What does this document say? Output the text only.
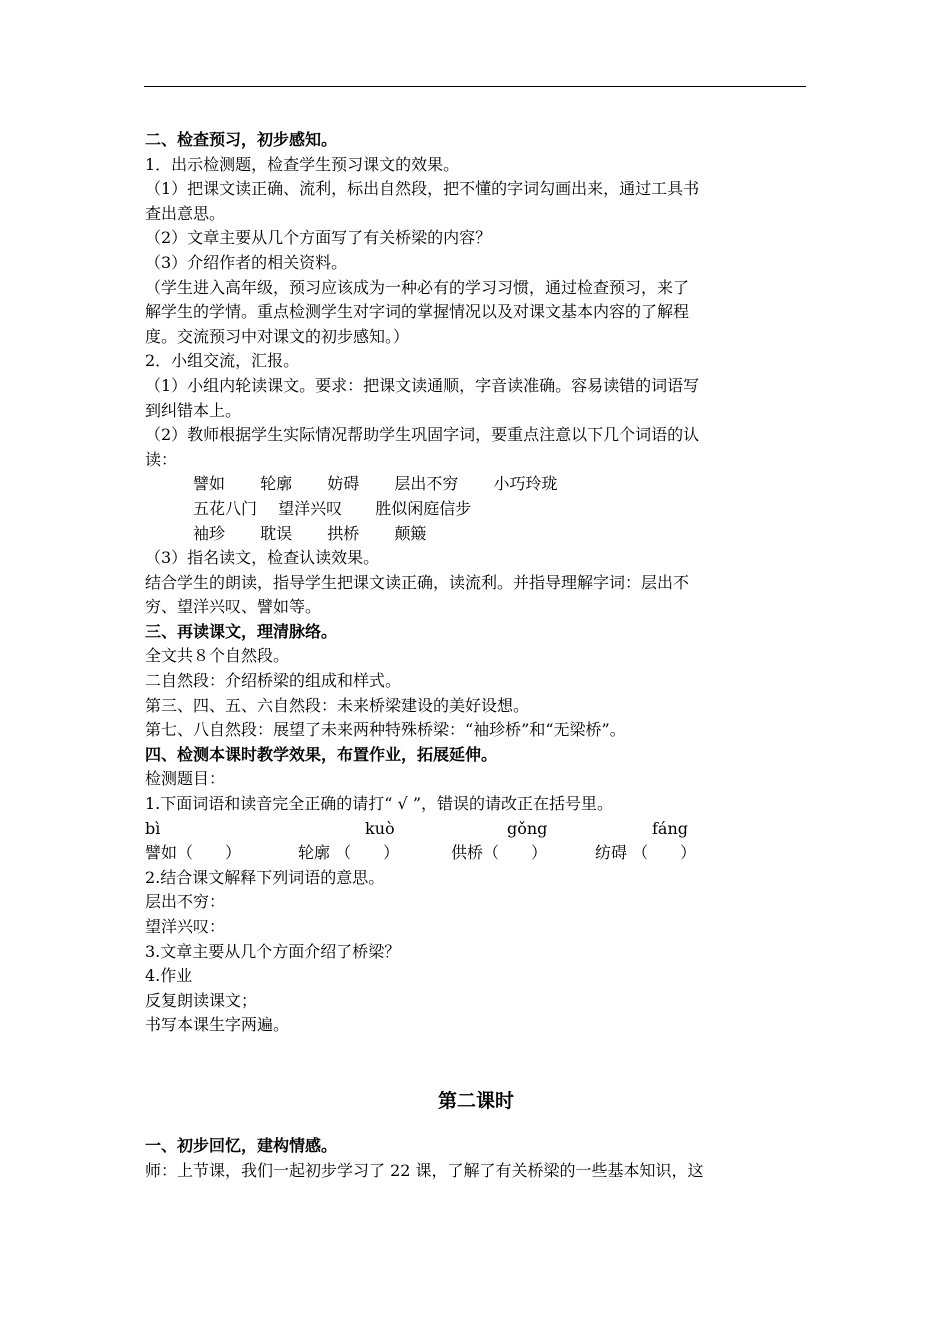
二、检查预习，初步感知。
1．出示检测题，检查学生预习课文的效果。
（1）把课文读正确、流利，标出自然段，把不懂的字词勾画出来，通过工具书
查出意思。
（2）文章主要从几个方面写了有关桥梁的内容？
（3）介绍作者的相关资料。
（学生进入高年级，预习应该成为一种必有的学习习惯，通过检查预习，来了
解学生的学情。重点检测学生对字词的掌握情况以及对课文基本内容的了解程
度。交流预习中对课文的初步感知。）
2．小组交流，汇报。
（1）小组内轮读课文。要求：把课文读通顺，字音读准确。容易读错的词语写
到纠错本上。
（2）教师根据学生实际情况帮助学生巩固字词，要重点注意以下几个词语的认
读：
譬如 轮廓 妨碍 层出不穷 小巧玲珑
五花八门 望洋兴叹 胜似闲庭信步
袖珍 耽误 拱桥 颠簸
（3）指名读文，检查认读效果。
结合学生的朗读，指导学生把课文读正确，读流利。并指导理解字词：层出不
穷、望洋兴叹、譬如等。
三、再读课文，理清脉络。
全文共８个自然段。
二自然段：介绍桥梁的组成和样式。
第三、四、五、六自然段：未来桥梁建设的美好设想。
第七、八自然段：展望了未来两种特殊桥梁：“袖珍桥”和“无梁桥”。
四、检测本课时教学效果，布置作业，拓展延伸。
检测题目：
1.下面词语和读音完全正确的请打“ √ ”，错误的请改正在括号里。
bì	kuò	gǒng	fáng
譬如（　　）	轮廓 （　　）	供桥（　　）	纺碍 （　　）
2.结合课文解释下列词语的意思。
层出不穷：
望洋兴叹：
3.文章主要从几个方面介绍了桥梁？
4.作业
反复朗读课文；
书写本课生字两遍。
第二课时
一、初步回忆，建构情感。
师：上节课，我们一起初步学习了 22 课，了解了有关桥梁的一些基本知识，这
